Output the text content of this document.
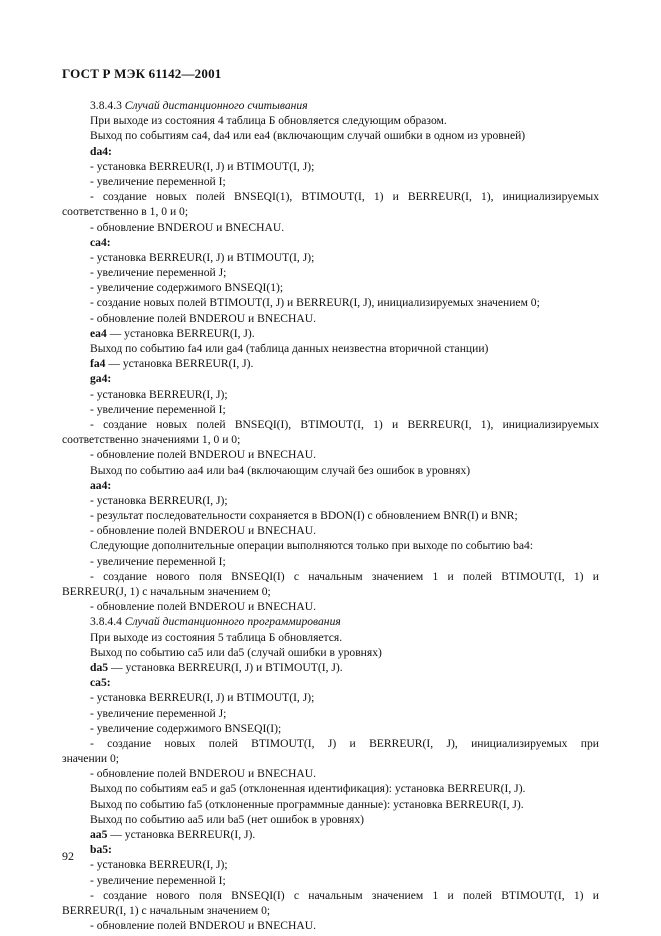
ГОСТ Р МЭК 61142—2001
3.8.4.3 Случай дистанционного считывания
При выходе из состояния 4 таблица Б обновляется следующим образом.
Выход по событиям ca4, da4 или ea4 (включающим случай ошибки в одном из уровней)
da4:
- установка BERREUR(I, J) и BTIMOUT(I, J);
- увеличение переменной I;
- создание новых полей BNSEQI(1), BTIMOUT(I, 1) и BERREUR(I, 1), инициализируемых
соответственно в 1, 0 и 0;
- обновление BNDEROU и BNECHAU.
ca4:
- установка BERREUR(I, J) и BTIMOUT(I, J);
- увеличение переменной J;
- увеличение содержимого BNSEQI(1);
- создание новых полей BTIMOUT(I, J) и BERREUR(I, J), инициализируемых значением 0;
- обновление полей BNDEROU и BNECHAU.
ea4 — установка BERREUR(I, J).
Выход по событию fa4 или ga4 (таблица данных неизвестна вторичной станции)
fa4 — установка BERREUR(I, J).
ga4:
- установка BERREUR(I, J);
- увеличение переменной I;
- создание новых полей BNSEQI(I), BTIMOUT(I, 1) и BERREUR(I, 1), инициализируемых
соответственно значениями 1, 0 и 0;
- обновление полей BNDEROU и BNECHAU.
Выход по событию aa4 или ba4 (включающим случай без ошибок в уровнях)
aa4:
- установка BERREUR(I, J);
- результат последовательности сохраняется в BDON(I) с обновлением BNR(I) и BNR;
- обновление полей BNDEROU и BNECHAU.
Следующие дополнительные операции выполняются только при выходе по событию ba4:
- увеличение переменной I;
- создание нового поля BNSEQI(I) с начальным значением 1 и полей BTIMOUT(I, 1) и
BERREUR(J, 1) с начальным значением 0;
- обновление полей BNDEROU и BNECHAU.
3.8.4.4 Случай дистанционного программирования
При выходе из состояния 5 таблица Б обновляется.
Выход по событию ca5 или da5 (случай ошибки в уровнях)
da5 — установка BERREUR(I, J) и BTIMOUT(I, J).
ca5:
- установка BERREUR(I, J) и BTIMOUT(I, J);
- увеличение переменной J;
- увеличение содержимого BNSEQI(I);
- создание новых полей BTIMOUT(I, J) и BERREUR(I, J), инициализируемых при
значении 0;
- обновление полей BNDEROU и BNECHAU.
Выход по событиям ea5 и ga5 (отклоненная идентификация): установка BERREUR(I, J).
Выход по событию fa5 (отклоненные программные данные): установка BERREUR(I, J).
Выход по событию aa5 или ba5 (нет ошибок в уровнях)
aa5 — установка BERREUR(I, J).
ba5:
- установка BERREUR(I, J);
- увеличение переменной I;
- создание нового поля BNSEQI(I) с начальным значением 1 и полей BTIMOUT(I, 1) и
BERREUR(I, 1) с начальным значением 0;
- обновление полей BNDEROU и BNECHAU.
92
